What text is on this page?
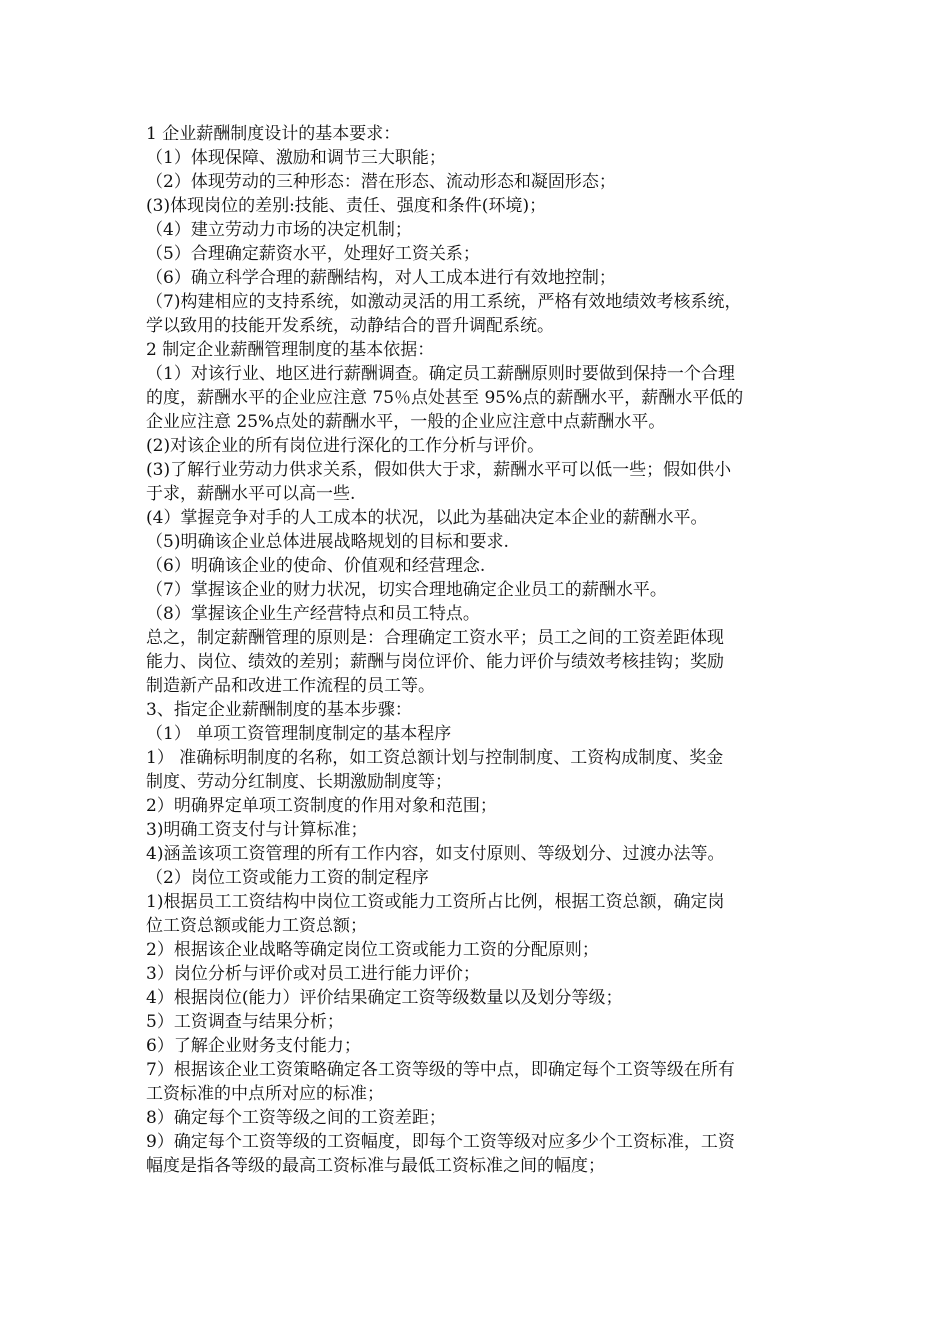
1 企业薪酬制度设计的基本要求：
（1）体现保障、激励和调节三大职能；
（2）体现劳动的三种形态：潜在形态、流动形态和凝固形态；
(3)体现岗位的差别:技能、责任、强度和条件(环境)；
（4）建立劳动力市场的决定机制；
（5）合理确定薪资水平，处理好工资关系；
（6）确立科学合理的薪酬结构，对人工成本进行有效地控制；
（7)构建相应的支持系统，如激动灵活的用工系统，严格有效地绩效考核系统，
学以致用的技能开发系统，动静结合的晋升调配系统。
2 制定企业薪酬管理制度的基本依据：
（1）对该行业、地区进行薪酬调查。确定员工薪酬原则时要做到保持一个合理
的度，薪酬水平的企业应注意 75％点处甚至 95%点的薪酬水平，薪酬水平低的
企业应注意 25%点处的薪酬水平，一般的企业应注意中点薪酬水平。
(2)对该企业的所有岗位进行深化的工作分析与评价。
(3)了解行业劳动力供求关系，假如供大于求，薪酬水平可以低一些；假如供小
于求，薪酬水平可以高一些.
(4）掌握竞争对手的人工成本的状况，以此为基础决定本企业的薪酬水平。
（5)明确该企业总体进展战略规划的目标和要求.
（6）明确该企业的使命、价值观和经营理念.
（7）掌握该企业的财力状况，切实合理地确定企业员工的薪酬水平。
（8）掌握该企业生产经营特点和员工特点。
总之，制定薪酬管理的原则是：合理确定工资水平；员工之间的工资差距体现
能力、岗位、绩效的差别；薪酬与岗位评价、能力评价与绩效考核挂钩；奖励
制造新产品和改进工作流程的员工等。
3、指定企业薪酬制度的基本步骤：
（1） 单项工资管理制度制定的基本程序
1） 准确标明制度的名称，如工资总额计划与控制制度、工资构成制度、奖金
制度、劳动分红制度、长期激励制度等；
2）明确界定单项工资制度的作用对象和范围；
3)明确工资支付与计算标准；
4)涵盖该项工资管理的所有工作内容，如支付原则、等级划分、过渡办法等。
（2）岗位工资或能力工资的制定程序
1)根据员工工资结构中岗位工资或能力工资所占比例，根据工资总额，确定岗
位工资总额或能力工资总额；
2）根据该企业战略等确定岗位工资或能力工资的分配原则；
3）岗位分析与评价或对员工进行能力评价；
4）根据岗位(能力）评价结果确定工资等级数量以及划分等级；
5）工资调查与结果分析；
6）了解企业财务支付能力；
7）根据该企业工资策略确定各工资等级的等中点，即确定每个工资等级在所有
工资标准的中点所对应的标准；
8）确定每个工资等级之间的工资差距；
9）确定每个工资等级的工资幅度，即每个工资等级对应多少个工资标准，工资
幅度是指各等级的最高工资标准与最低工资标准之间的幅度；
